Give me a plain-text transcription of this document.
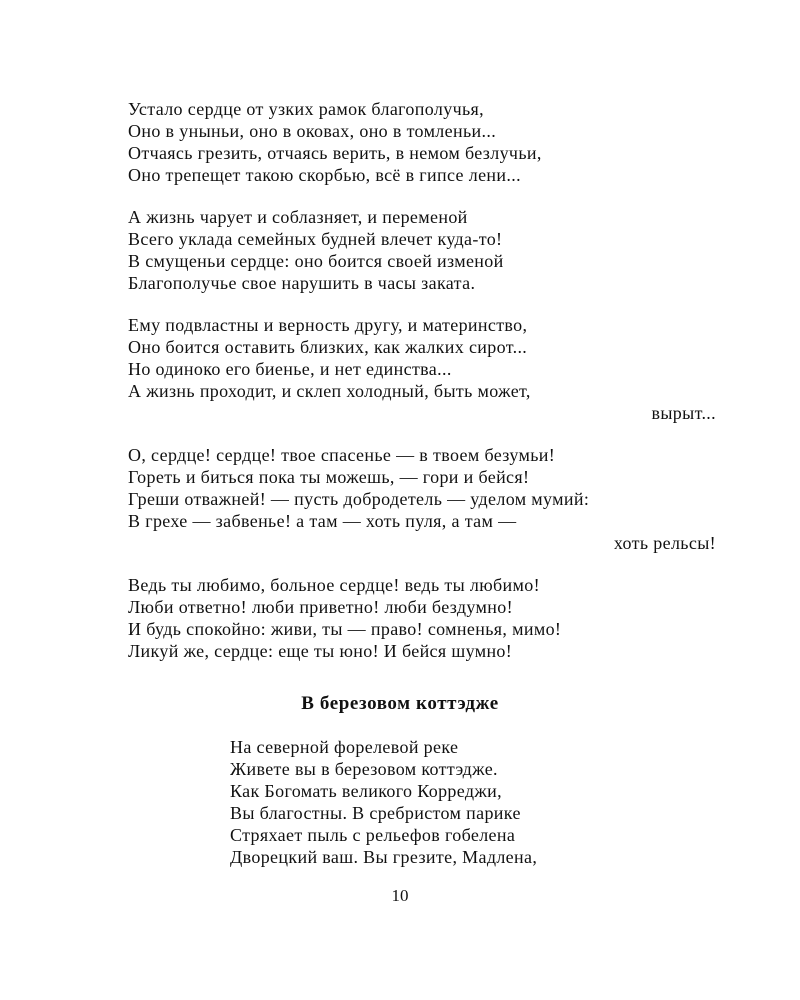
Устало сердце от узких рамок благополучья,
Оно в уныньи, оно в оковах, оно в томленьи...
Отчаясь грезить, отчаясь верить, в немом безлучьи,
Оно трепещет такою скорбью, всё в гипсе лени...
А жизнь чарует и соблазняет, и переменой
Всего уклада семейных будней влечет куда-то!
В смущеньи сердце: оно боится своей изменой
Благополучье свое нарушить в часы заката.
Ему подвластны и верность другу, и материнство,
Оно боится оставить близких, как жалких сирот...
Но одиноко его биенье, и нет единства...
А жизнь проходит, и склеп холодный, быть может,
вырыт...
О, сердце! сердце! твое спасенье — в твоем безумьи!
Гореть и биться пока ты можешь, — гори и бейся!
Греши отважней! — пусть добродетель — уделом мумий:
В грехе — забвенье! а там — хоть пуля, а там —
хоть рельсы!
Ведь ты любимо, больное сердце! ведь ты любимо!
Люби ответно! люби приветно! люби бездумно!
И будь спокойно: живи, ты — право! сомненья, мимо!
Ликуй же, сердце: еще ты юно! И бейся шумно!
В березовом коттэдже
На северной форелевой реке
Живете вы в березовом коттэдже.
Как Богомать великого Корреджи,
Вы благостны. В сребристом парике
Стряхает пыль с рельефов гобелена
Дворецкий ваш. Вы грезите, Мадлена,
10
